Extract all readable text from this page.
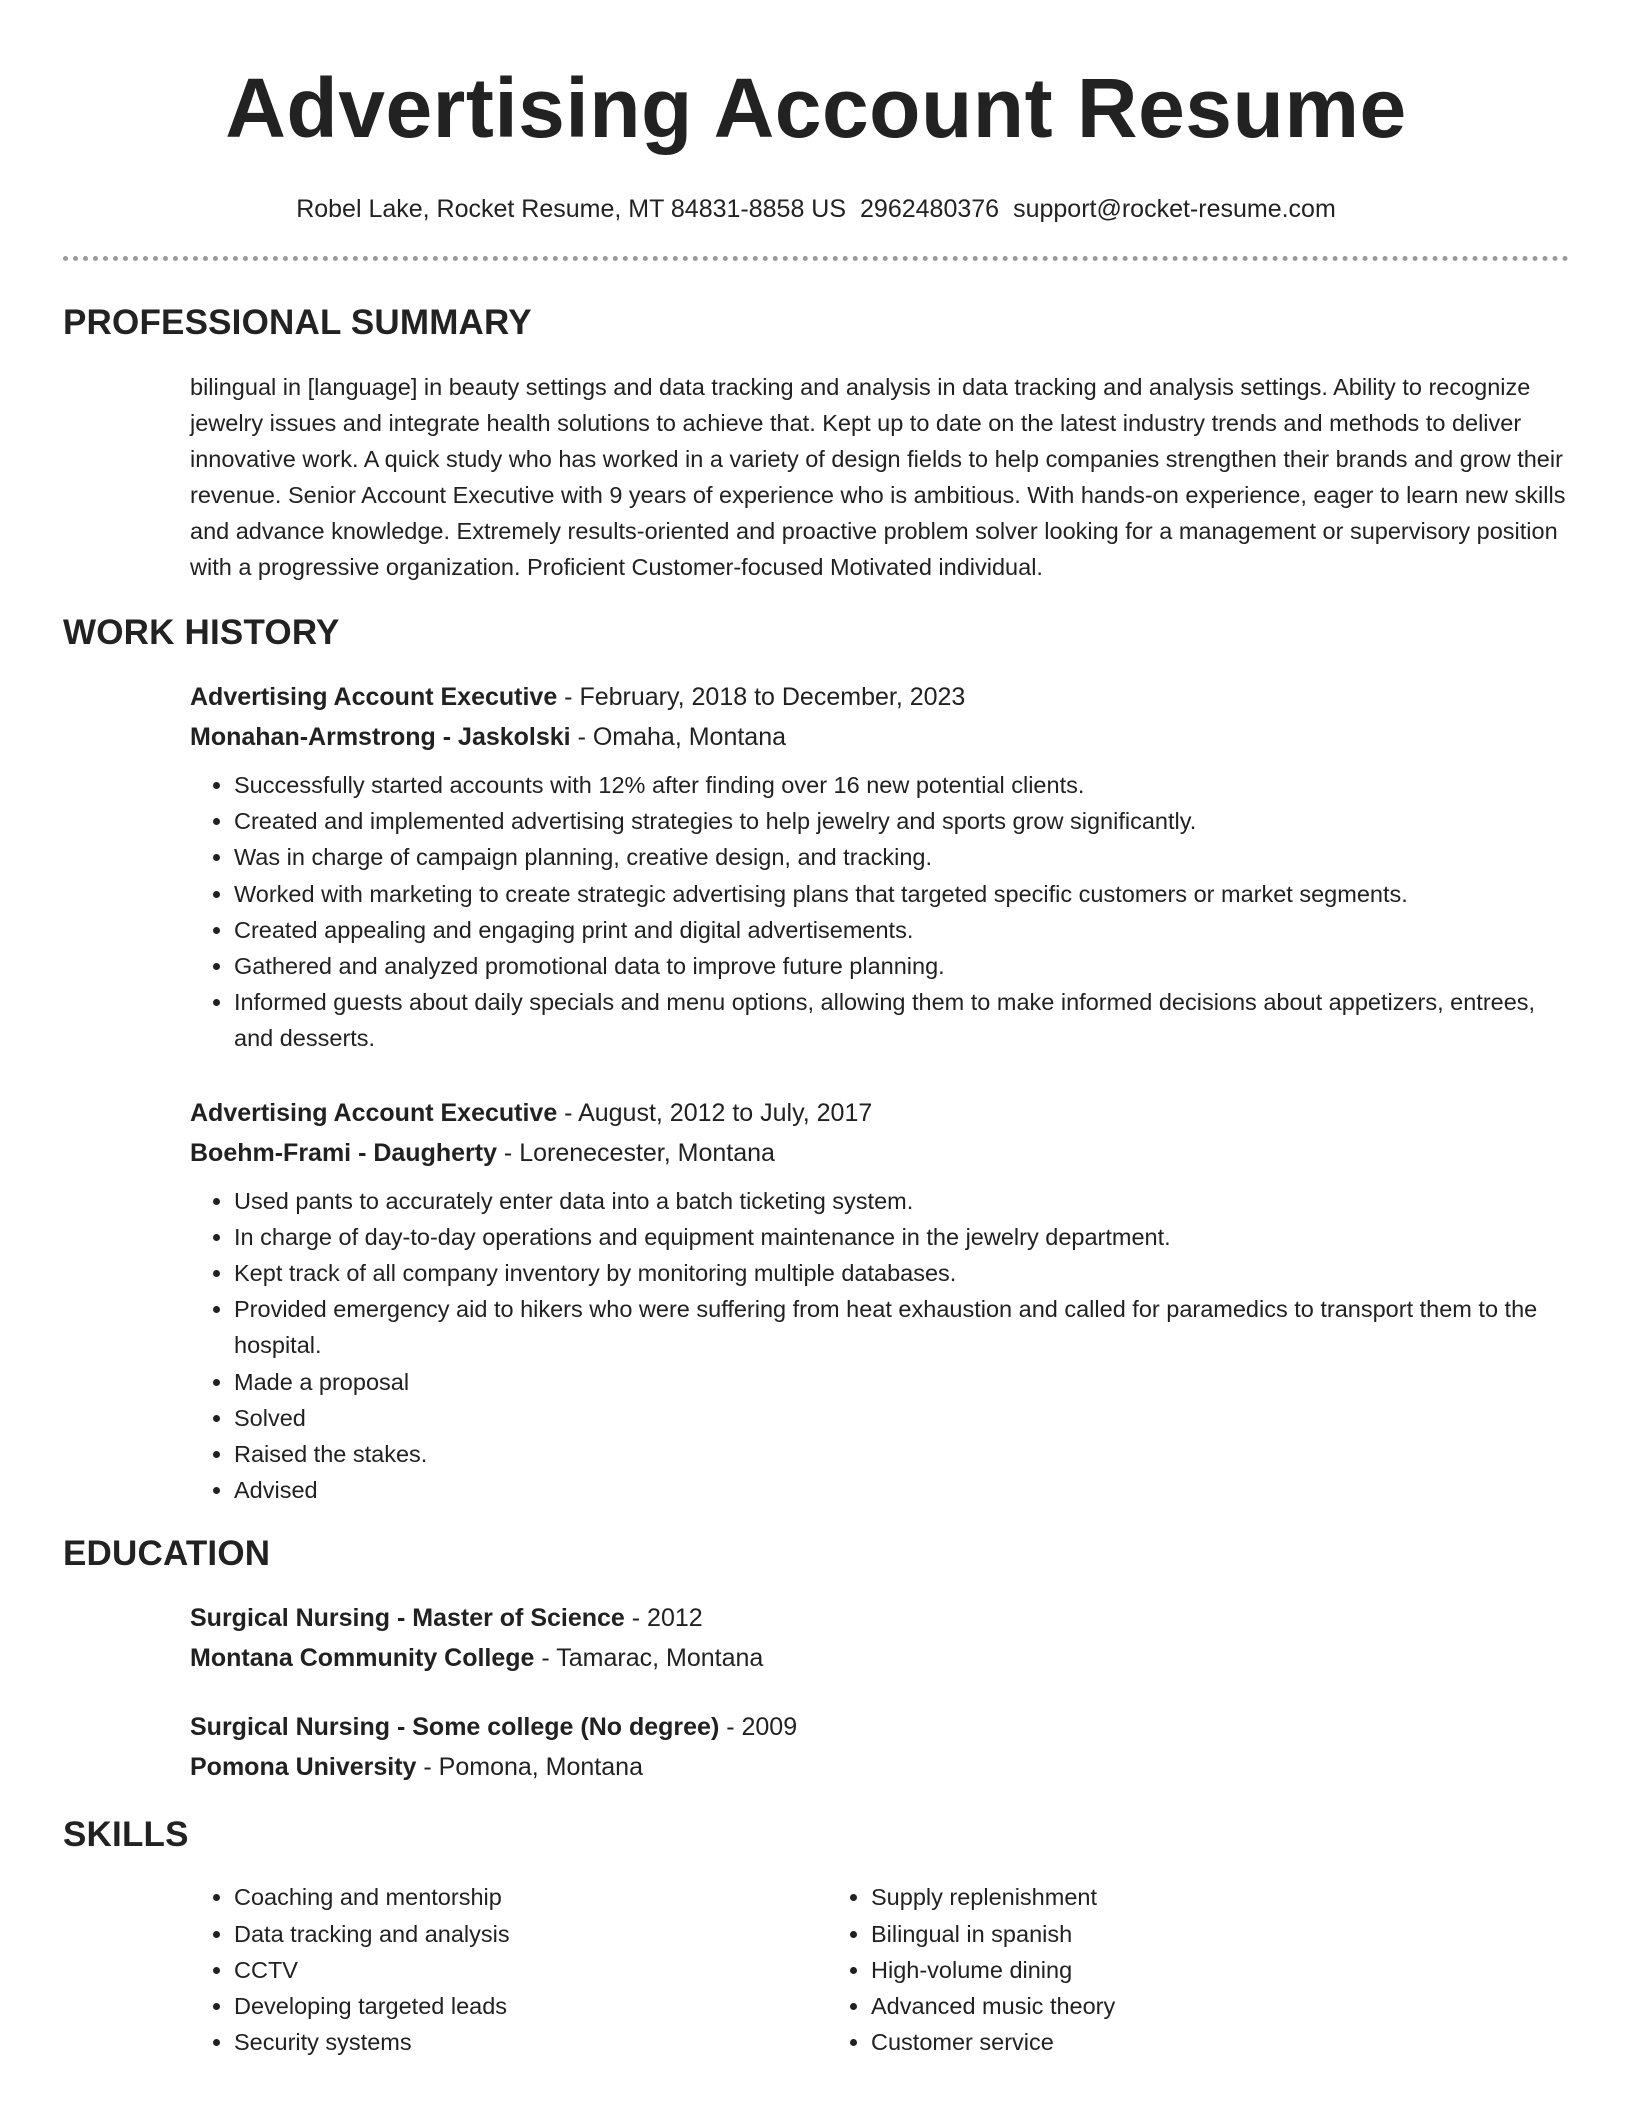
Advertising Account Resume
Robel Lake, Rocket Resume, MT 84831-8858 US 2962480376 support@rocket-resume.com
PROFESSIONAL SUMMARY
bilingual in [language] in beauty settings and data tracking and analysis in data tracking and analysis settings. Ability to recognize jewelry issues and integrate health solutions to achieve that. Kept up to date on the latest industry trends and methods to deliver innovative work. A quick study who has worked in a variety of design fields to help companies strengthen their brands and grow their revenue. Senior Account Executive with 9 years of experience who is ambitious. With hands-on experience, eager to learn new skills and advance knowledge. Extremely results-oriented and proactive problem solver looking for a management or supervisory position with a progressive organization. Proficient Customer-focused Motivated individual.
WORK HISTORY
Advertising Account Executive - February, 2018 to December, 2023
Monahan-Armstrong - Jaskolski - Omaha, Montana
• Successfully started accounts with 12% after finding over 16 new potential clients.
• Created and implemented advertising strategies to help jewelry and sports grow significantly.
• Was in charge of campaign planning, creative design, and tracking.
• Worked with marketing to create strategic advertising plans that targeted specific customers or market segments.
• Created appealing and engaging print and digital advertisements.
• Gathered and analyzed promotional data to improve future planning.
• Informed guests about daily specials and menu options, allowing them to make informed decisions about appetizers, entrees, and desserts.
Advertising Account Executive - August, 2012 to July, 2017
Boehm-Frami - Daugherty - Lorenecester, Montana
• Used pants to accurately enter data into a batch ticketing system.
• In charge of day-to-day operations and equipment maintenance in the jewelry department.
• Kept track of all company inventory by monitoring multiple databases.
• Provided emergency aid to hikers who were suffering from heat exhaustion and called for paramedics to transport them to the hospital.
• Made a proposal
• Solved
• Raised the stakes.
• Advised
EDUCATION
Surgical Nursing - Master of Science - 2012
Montana Community College - Tamarac, Montana
Surgical Nursing - Some college (No degree) - 2009
Pomona University - Pomona, Montana
SKILLS
• Coaching and mentorship
• Data tracking and analysis
• CCTV
• Developing targeted leads
• Security systems
• Supply replenishment
• Bilingual in spanish
• High-volume dining
• Advanced music theory
• Customer service
